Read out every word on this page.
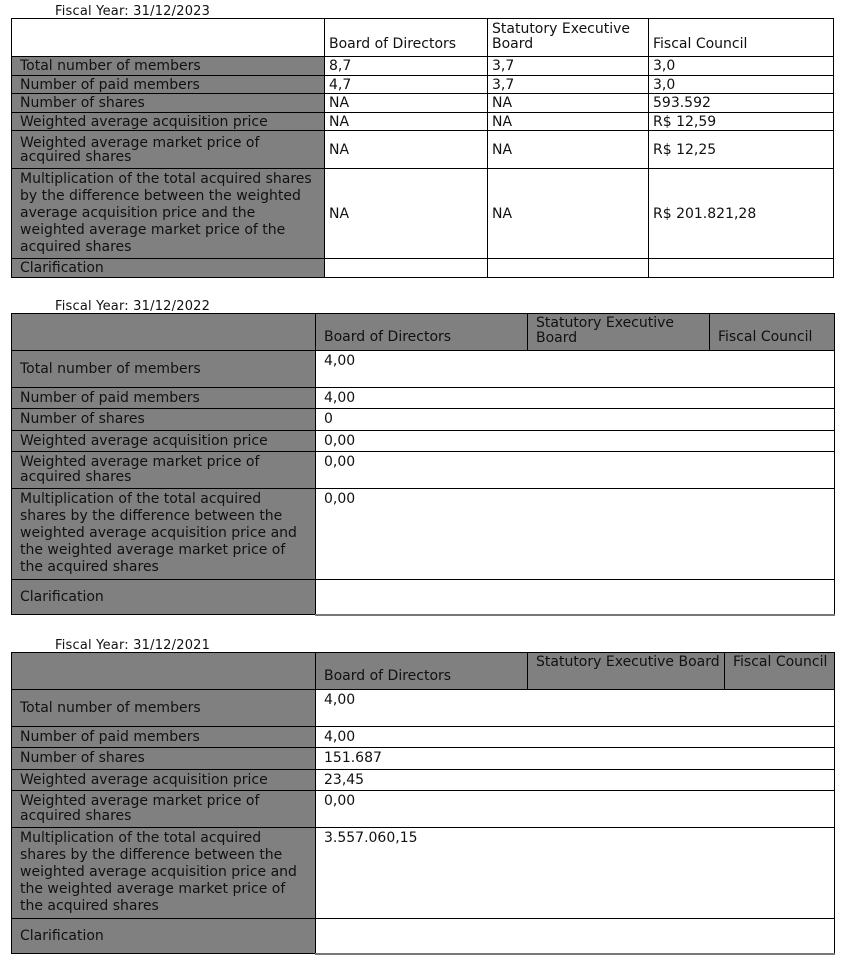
Fiscal Year: 31/12/2023
	Board of Directors	Statutory Executive Board	Fiscal Council
Total number of members	8,7	3,7	3,0
Number of paid members	4,7	3,7	3,0
Number of shares	NA	NA	593.592
Weighted average acquisition price	NA	NA	R$ 12,59
Weighted average market price of acquired shares	NA	NA	R$ 12,25
Multiplication of the total acquired shares by the difference between the weighted average acquisition price and the weighted average market price of the acquired shares	NA	NA	R$ 201.821,28
Clarification			
Fiscal Year: 31/12/2022
	Board of Directors	Statutory Executive Board	Fiscal Council
Total number of members	4,00		
Number of paid members	4,00		
Number of shares	0		
Weighted average acquisition price	0,00		
Weighted average market price of acquired shares	0,00		
Multiplication of the total acquired shares by the difference between the weighted average acquisition price and the weighted average market price of the acquired shares	0,00		
Clarification			
Fiscal Year: 31/12/2021
	Board of Directors	Statutory Executive Board	Fiscal Council
Total number of members	4,00		
Number of paid members	4,00		
Number of shares	151.687		
Weighted average acquisition price	23,45		
Weighted average market price of acquired shares	0,00		
Multiplication of the total acquired shares by the difference between the weighted average acquisition price and the weighted average market price of the acquired shares	3.557.060,15		
Clarification			
